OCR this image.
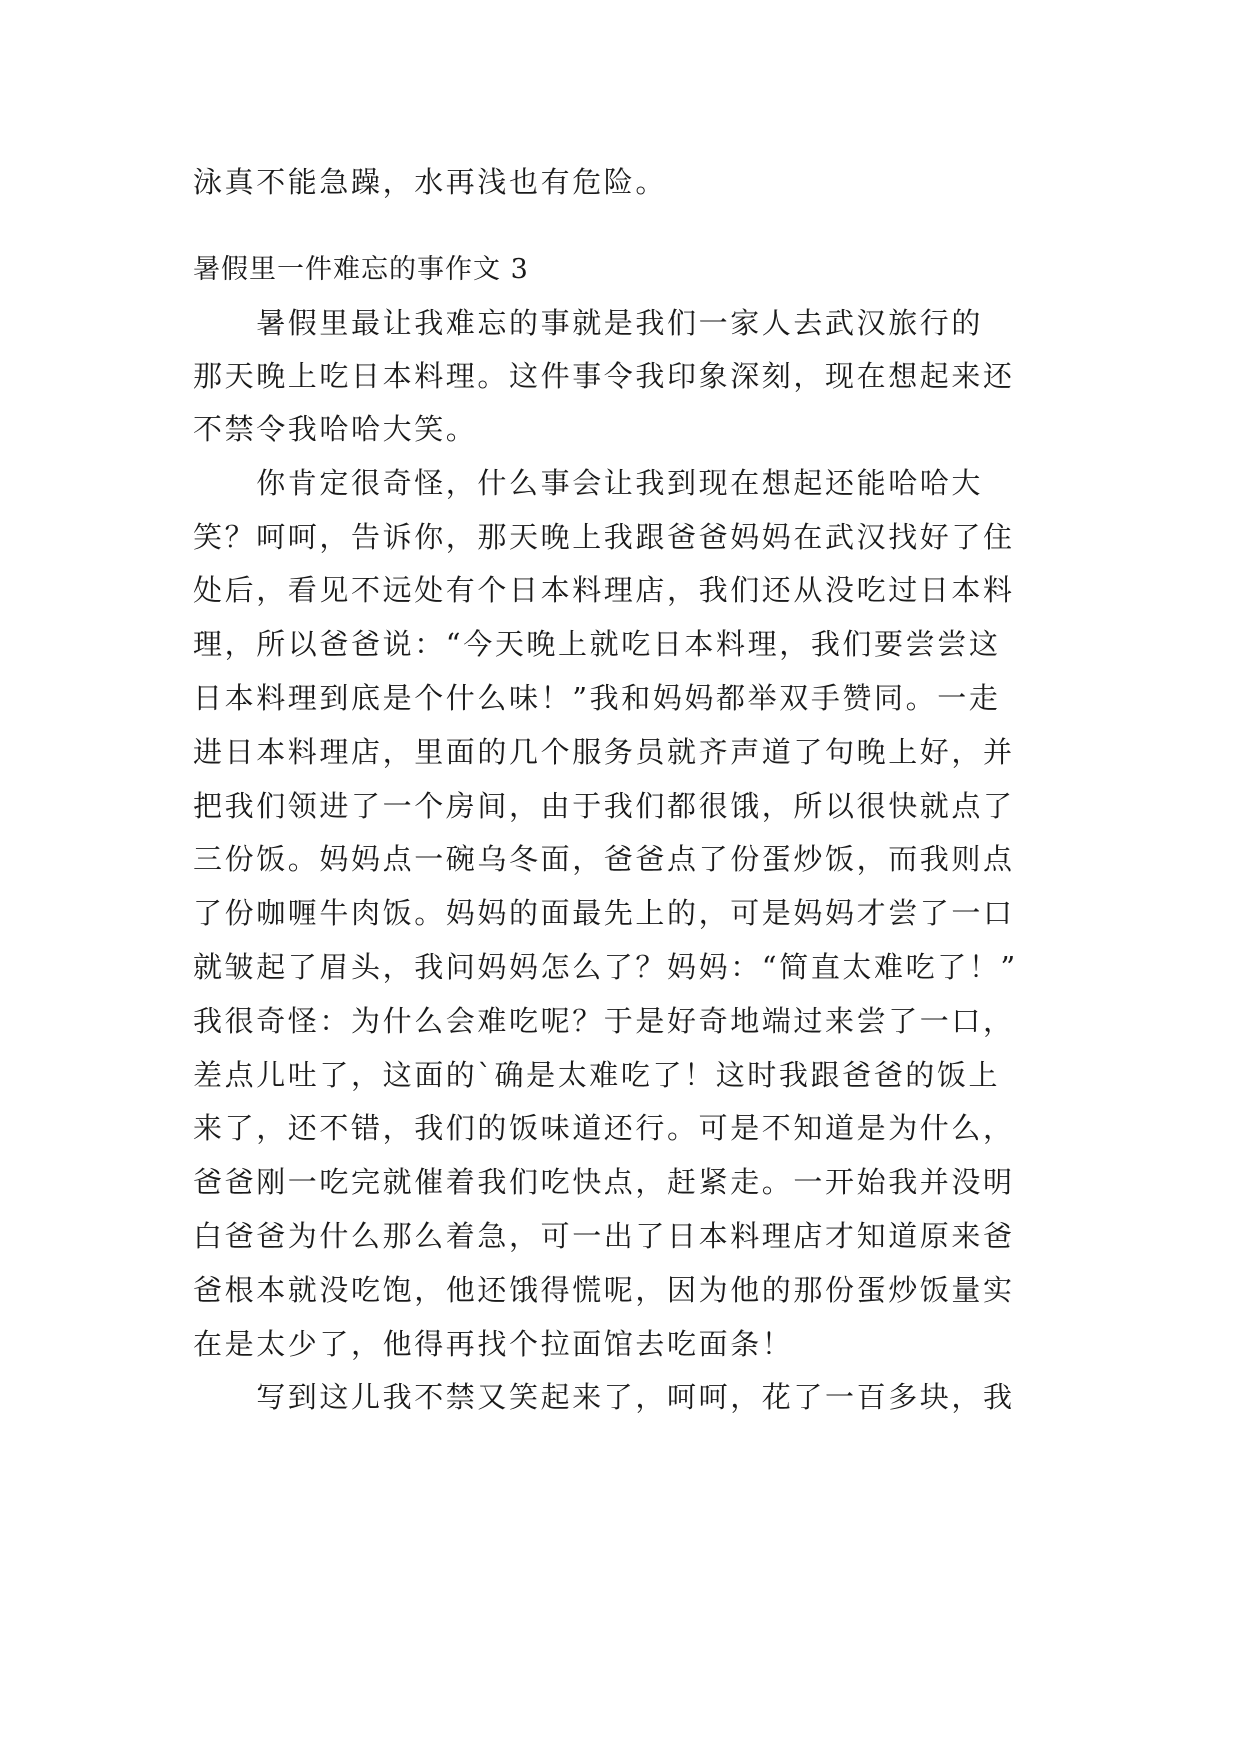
泳真不能急躁，水再浅也有危险。
暑假里一件难忘的事作文 3
　　暑假里最让我难忘的事就是我们一家人去武汉旅行的
那天晚上吃日本料理。这件事令我印象深刻，现在想起来还
不禁令我哈哈大笑。
　　你肯定很奇怪，什么事会让我到现在想起还能哈哈大
笑？呵呵，告诉你，那天晚上我跟爸爸妈妈在武汉找好了住
处后，看见不远处有个日本料理店，我们还从没吃过日本料
理，所以爸爸说：“今天晚上就吃日本料理，我们要尝尝这
日本料理到底是个什么味！”我和妈妈都举双手赞同。一走
进日本料理店，里面的几个服务员就齐声道了句晚上好，并
把我们领进了一个房间，由于我们都很饿，所以很快就点了
三份饭。妈妈点一碗乌冬面，爸爸点了份蛋炒饭，而我则点
了份咖喱牛肉饭。妈妈的面最先上的，可是妈妈才尝了一口
就皱起了眉头，我问妈妈怎么了？妈妈：“简直太难吃了！”
我很奇怪：为什么会难吃呢？于是好奇地端过来尝了一口，
差点儿吐了，这面的`确是太难吃了！这时我跟爸爸的饭上
来了，还不错，我们的饭味道还行。可是不知道是为什么，
爸爸刚一吃完就催着我们吃快点，赶紧走。一开始我并没明
白爸爸为什么那么着急，可一出了日本料理店才知道原来爸
爸根本就没吃饱，他还饿得慌呢，因为他的那份蛋炒饭量实
在是太少了，他得再找个拉面馆去吃面条！
　　写到这儿我不禁又笑起来了，呵呵，花了一百多块，我
